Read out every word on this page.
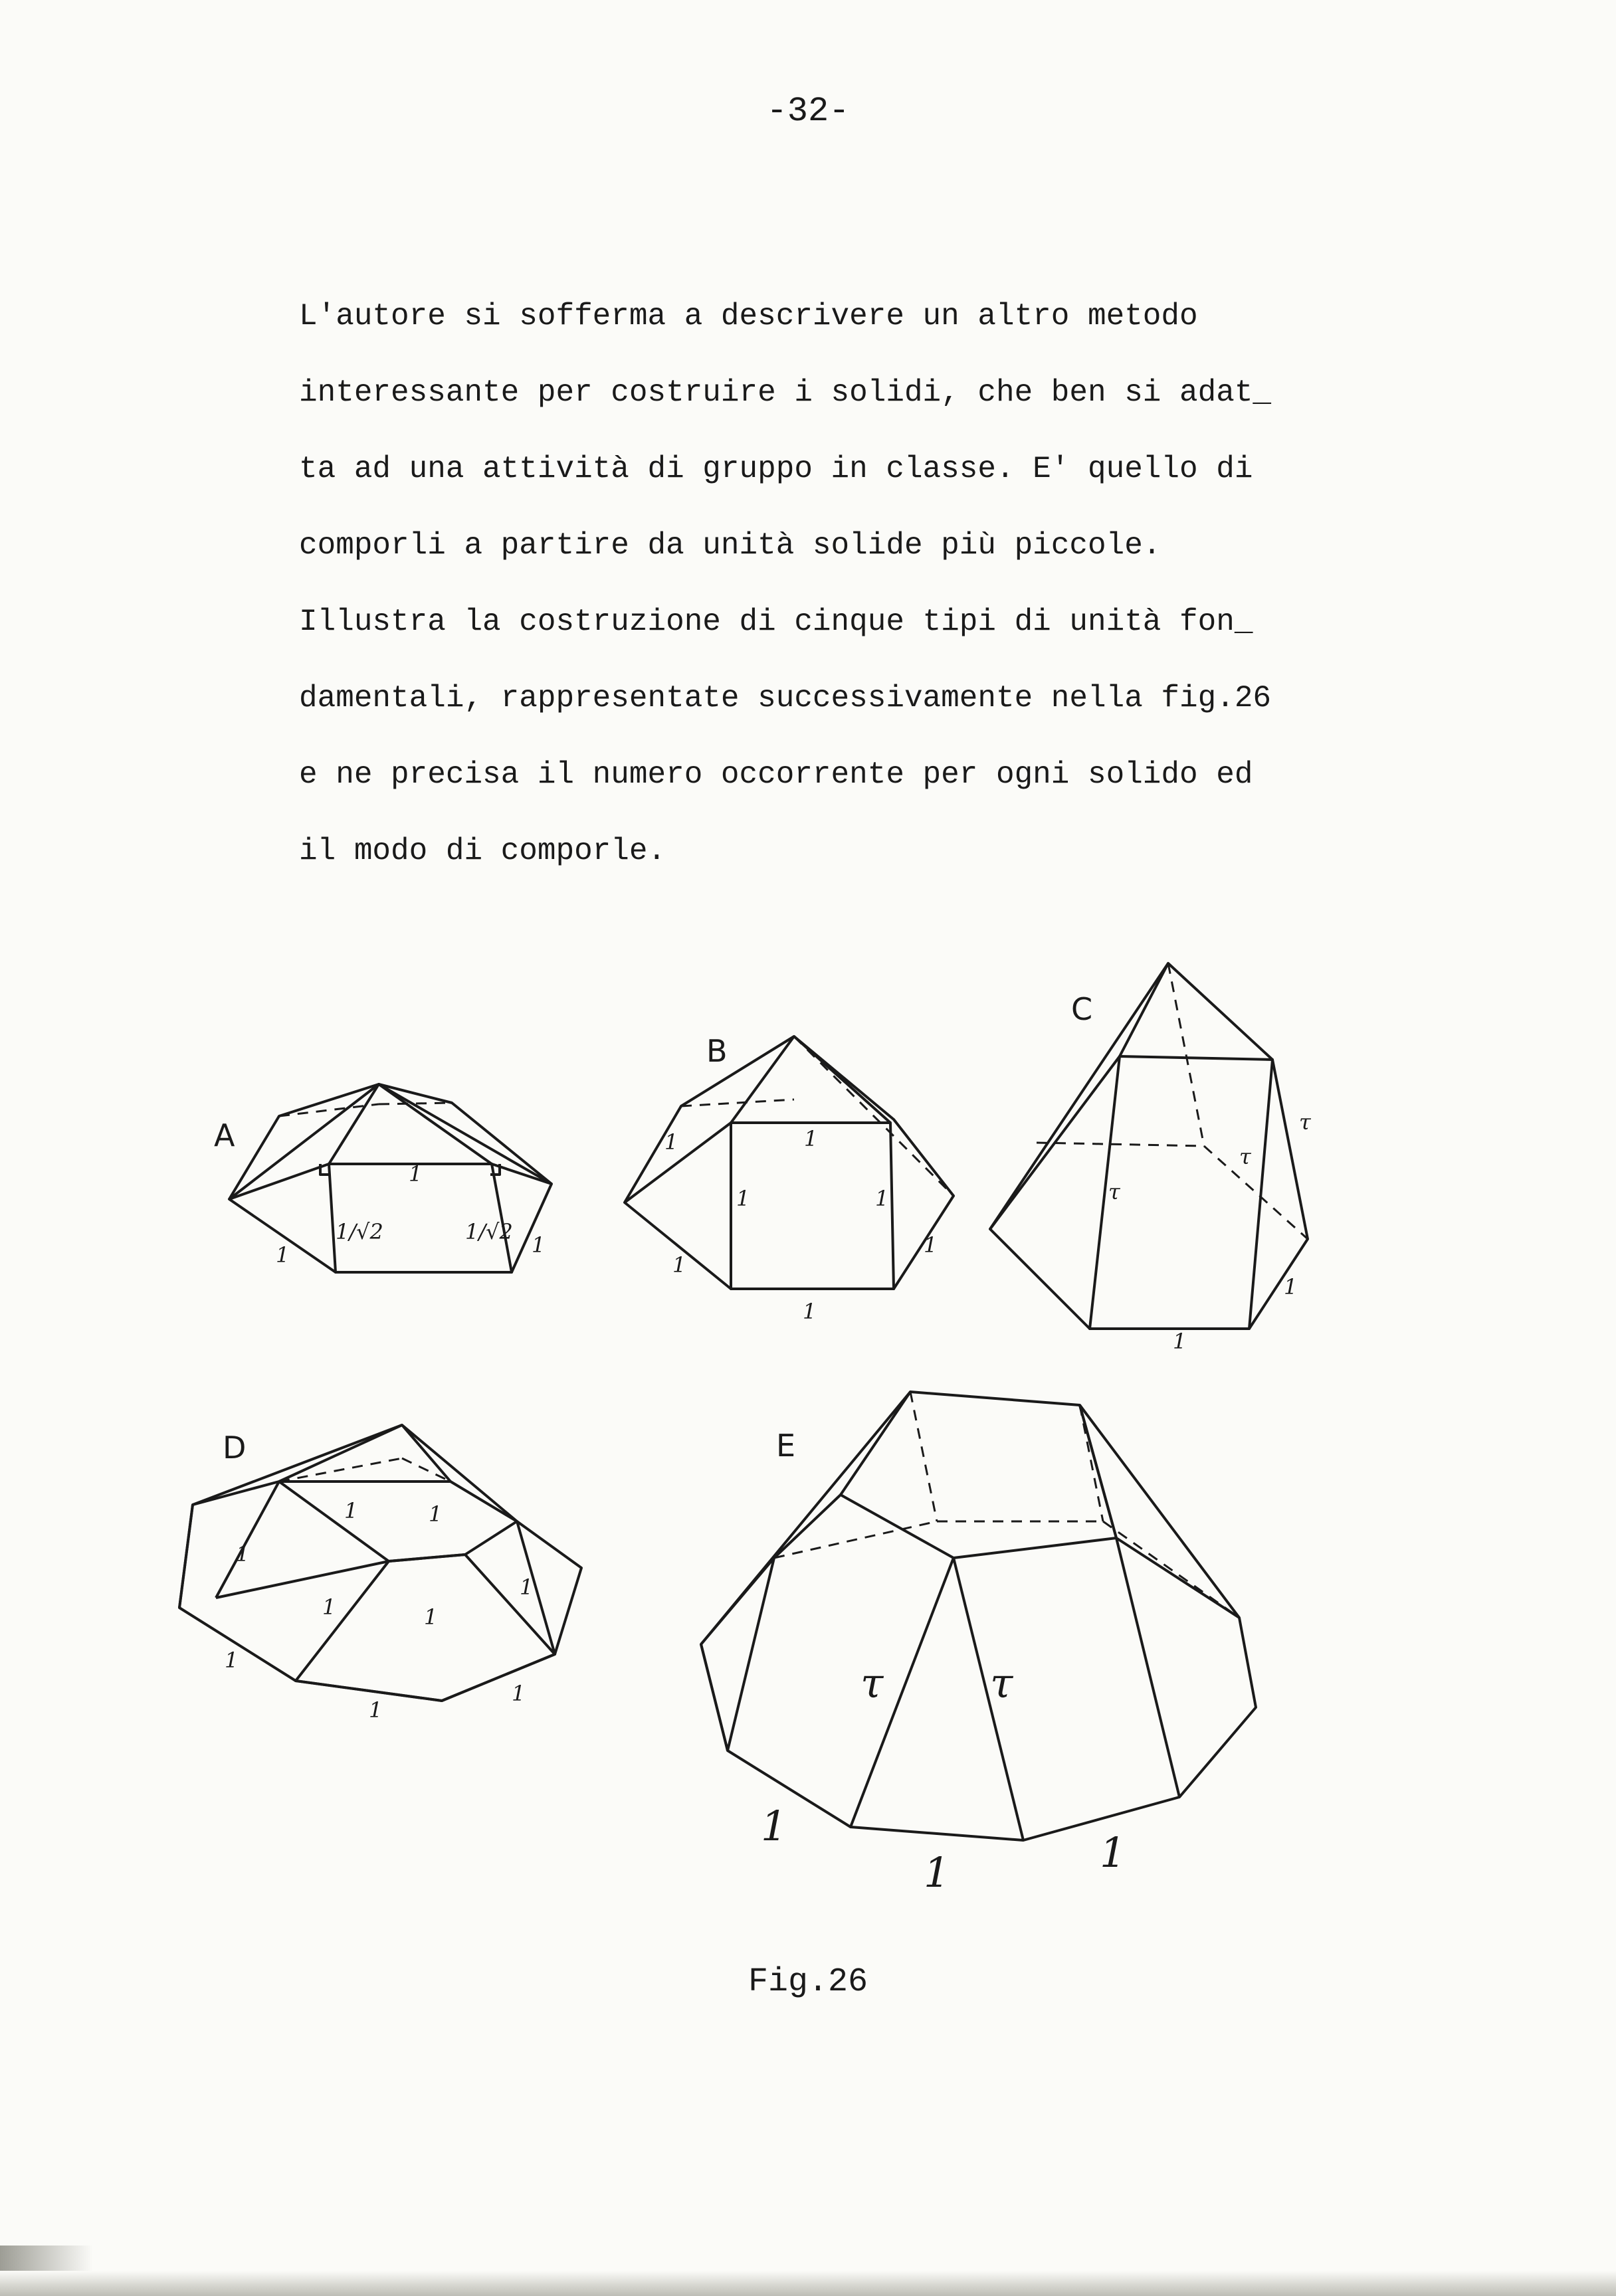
-32-
L'autore si sofferma a descrivere un altro metodo
interessante per costruire i solidi, che ben si adat_
ta ad una attività di gruppo in classe. E' quello di
comporli a partire da unità solide più piccole.
Illustra la costruzione di cinque tipi di unità fon_
damentali, rappresentate successivamente nella fig.26
e ne precisa il numero occorrente per ogni solido ed
il modo di comporle.
A
1
1	1
1/√2	1/√2
B
1
1
1	1
1
1
1
C
τ
τ
τ
1
1
D
1	1
1
1
1	1
1
1
1
E
τ	τ
1
1	1
Fig.26
